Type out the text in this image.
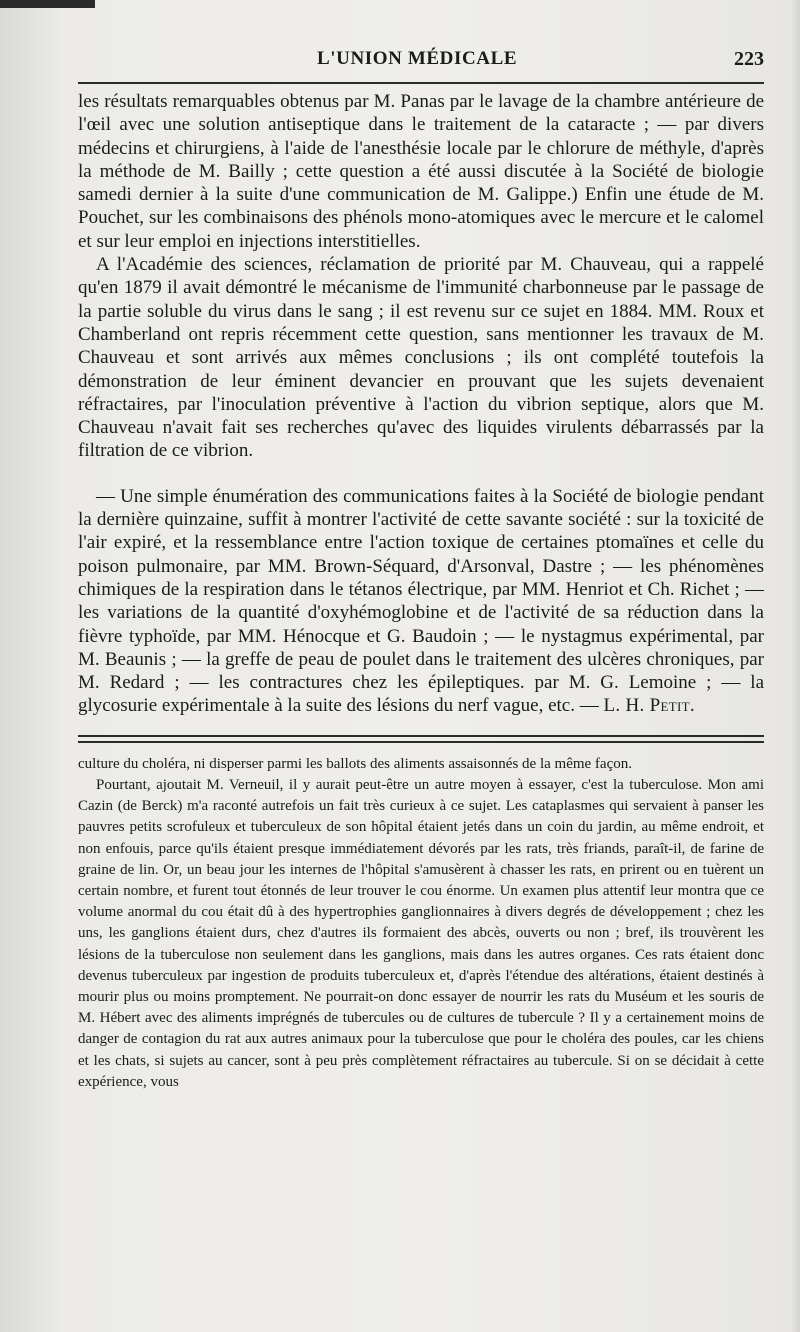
L'UNION MÉDICALE	223

les résultats remarquables obtenus par M. Panas par le lavage de la chambre antérieure de l'œil avec une solution antiseptique dans le traitement de la cataracte ; — par divers médecins et chirurgiens, à l'aide de l'anesthésie locale par le chlorure de méthyle, d'après la méthode de M. Bailly ; cette question a été aussi discutée à la Société de biologie samedi dernier à la suite d'une communication de M. Galippe.) Enfin une étude de M. Pouchet, sur les combinaisons des phénols mono-atomiques avec le mercure et le calomel et sur leur emploi en injections interstitielles.

A l'Académie des sciences, réclamation de priorité par M. Chauveau, qui a rappelé qu'en 1879 il avait démontré le mécanisme de l'immunité charbonneuse par le passage de la partie soluble du virus dans le sang ; il est revenu sur ce sujet en 1884. MM. Roux et Chamberland ont repris récemment cette question, sans mentionner les travaux de M. Chauveau et sont arrivés aux mêmes conclusions ; ils ont complété toutefois la démonstration de leur éminent devancier en prouvant que les sujets devenaient réfractaires, par l'inoculation préventive à l'action du vibrion septique, alors que M. Chauveau n'avait fait ses recherches qu'avec des liquides virulents débarrassés par la filtration de ce vibrion.

— Une simple énumération des communications faites à la Société de biologie pendant la dernière quinzaine, suffit à montrer l'activité de cette savante société : sur la toxicité de l'air expiré, et la ressemblance entre l'action toxique de certaines ptomaïnes et celle du poison pulmonaire, par MM. Brown-Séquard, d'Arsonval, Dastre ; — les phénomènes chimiques de la respiration dans le tétanos électrique, par MM. Henriot et Ch. Richet ; — les variations de la quantité d'oxyhémoglobine et de l'activité de sa réduction dans la fièvre typhoïde, par MM. Hénocque et G. Baudoin ; — le nystagmus expérimental, par M. Beaunis ; — la greffe de peau de poulet dans le traitement des ulcères chroniques, par M. Redard ; — les contractures chez les épileptiques. par M. G. Lemoine ; — la glycosurie expérimentale à la suite des lésions du nerf vague, etc. — L. H. Petit.

culture du choléra, ni disperser parmi les ballots des aliments assaisonnés de la même façon.

Pourtant, ajoutait M. Verneuil, il y aurait peut-être un autre moyen à essayer, c'est la tuberculose. Mon ami Cazin (de Berck) m'a raconté autrefois un fait très curieux à ce sujet. Les cataplasmes qui servaient à panser les pauvres petits scrofuleux et tuberculeux de son hôpital étaient jetés dans un coin du jardin, au même endroit, et non enfouis, parce qu'ils étaient presque immédiatement dévorés par les rats, très friands, paraît-il, de farine de graine de lin. Or, un beau jour les internes de l'hôpital s'amusèrent à chasser les rats, en prirent ou en tuèrent un certain nombre, et furent tout étonnés de leur trouver le cou énorme. Un examen plus attentif leur montra que ce volume anormal du cou était dû à des hypertrophies ganglionnaires à divers degrés de développement ; chez les uns, les ganglions étaient durs, chez d'autres ils formaient des abcès, ouverts ou non ; bref, ils trouvèrent les lésions de la tuberculose non seulement dans les ganglions, mais dans les autres organes. Ces rats étaient donc devenus tuberculeux par ingestion de produits tuberculeux et, d'après l'étendue des altérations, étaient destinés à mourir plus ou moins promptement. Ne pourrait-on donc essayer de nourrir les rats du Muséum et les souris de M. Hébert avec des aliments imprégnés de tubercules ou de cultures de tubercule ? Il y a certainement moins de danger de contagion du rat aux autres animaux pour la tuberculose que pour le choléra des poules, car les chiens et les chats, si sujets au cancer, sont à peu près complètement réfractaires au tubercule. Si on se décidait à cette expérience, vous
